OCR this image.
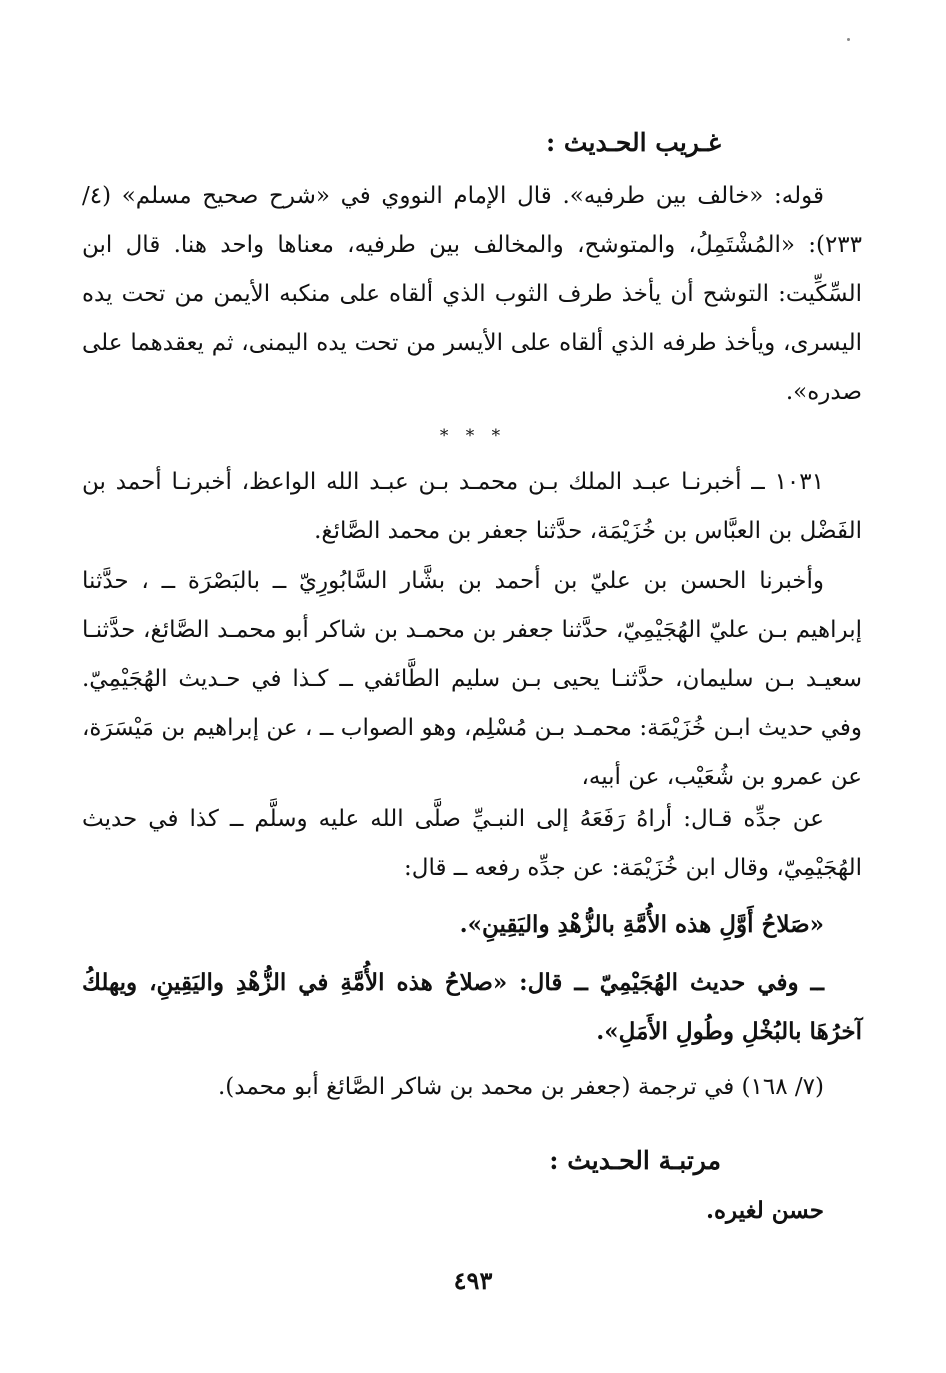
غـريب الحـديث :

قوله: «خالف بين طرفيه». قال الإمام النووي في «شرح صحيح مسلم» (٤/ ٢٣٣): «المُشْتَمِلُ، والمتوشح، والمخالف بين طرفيه، معناها واحد هنا. قال ابن السِّكِّيت: التوشح أن يأخذ طرف الثوب الذي ألقاه على منكبه الأيمن من تحت يده اليسرى، ويأخذ طرفه الذي ألقاه على الأيسر من تحت يده اليمنى، ثم يعقدهما على صدره».

* * *

١٠٣١ ــ أخبرنـا عبـد الملك بـن محمـد بـن عبـد الله الواعظ، أخبرنـا أحمد بن الفَضْل بن العبَّاس بن خُزَيْمَة، حدَّثنا جعفر بن محمد الصَّائغ.

وأخبرنا الحسن بن عليّ بن أحمد بن بشَّار السَّابُورِيّ ــ بالبَصْرَة ــ ، حدَّثنا إبراهيم بـن عليّ الهُجَيْمِيّ، حدَّثنا جعفر بن محمـد بن شاكر أبو محمـد الصَّائغ، حدَّثنـا سعيـد بـن سليمان، حدَّثنـا يحيى بـن سليم الطَّائفي ــ كـذا في حـديث الهُجَيْمِيّ. وفي حديث ابـن خُزَيْمَة: محمـد بـن مُسْلِم، وهو الصواب ــ ، عن إبراهيم بن مَيْسَرَة، عن عمرو بن شُعَيْب، عن أبيه،

عن جدِّه قـال: أراهُ رَفَعَهُ إلى النبـيِّ صلَّى الله عليه وسلَّم ــ كذا في حديث الهُجَيْمِيّ، وقال ابن خُزَيْمَة: عن جدِّه رفعه ــ قال:

«صَلاحُ أَوَّلِ هذه الأُمَّةِ بالزُّهْدِ واليَقِينِ».

ــ وفي حديث الهُجَيْمِيّ ــ قال: «صلاحُ هذه الأُمَّةِ في الزُّهْدِ واليَقِينِ، ويهلكُ آخرُهَا بالبُخْلِ وطُولِ الأَمَلِ».

(٧/ ١٦٨) في ترجمة (جعفر بن محمد بن شاكر الصَّائغ أبو محمد).

مرتبـة الحـديث :

حسن لغيره.

٤٩٣
